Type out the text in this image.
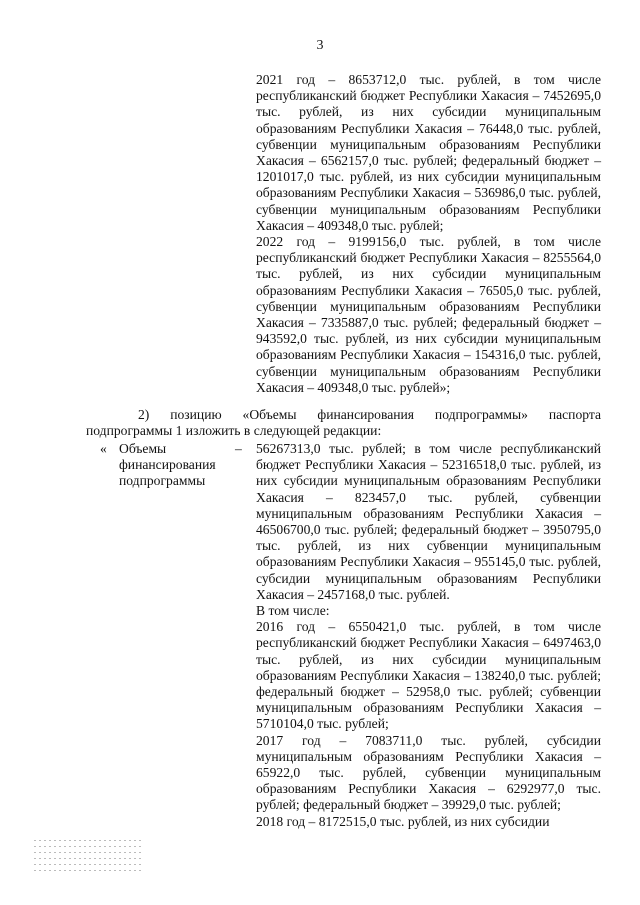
3

2021 год – 8653712,0 тыс. рублей, в том числе республиканский бюджет Республики Хакасия – 7452695,0 тыс. рублей, из них субсидии муниципальным образованиям Республики Хакасия – 76448,0 тыс. рублей, субвенции муниципальным образованиям Республики Хакасия – 6562157,0 тыс. рублей; федеральный бюджет – 1201017,0 тыс. рублей, из них субсидии муниципальным образованиям Республики Хакасия – 536986,0 тыс. рублей, субвенции муниципальным образованиям Республики Хакасия – 409348,0 тыс. рублей;

2022 год – 9199156,0 тыс. рублей, в том числе республиканский бюджет Республики Хакасия – 8255564,0 тыс. рублей, из них субсидии муниципальным образованиям Республики Хакасия – 76505,0 тыс. рублей, субвенции муниципальным образованиям Республики Хакасия – 7335887,0 тыс. рублей; федеральный бюджет – 943592,0 тыс. рублей, из них субсидии муниципальным образованиям Республики Хакасия – 154316,0 тыс. рублей, субвенции муниципальным образованиям Республики Хакасия – 409348,0 тыс. рублей»;

2) позицию «Объемы финансирования подпрограммы» паспорта подпрограммы 1 изложить в следующей редакции:

« Объемы финансирования подпрограммы
– 56267313,0 тыс. рублей; в том числе республиканский бюджет Республики Хакасия – 52316518,0 тыс. рублей, из них субсидии муниципальным образованиям Республики Хакасия – 823457,0 тыс. рублей, субвенции муниципальным образованиям Республики Хакасия – 46506700,0 тыс. рублей; федеральный бюджет – 3950795,0 тыс. рублей, из них субвенции муниципальным образованиям Республики Хакасия – 955145,0 тыс. рублей, субсидии муниципальным образованиям Республики Хакасия – 2457168,0 тыс. рублей.

В том числе:

2016 год – 6550421,0 тыс. рублей, в том числе республиканский бюджет Республики Хакасия – 6497463,0 тыс. рублей, из них субсидии муниципальным образованиям Республики Хакасия – 138240,0 тыс. рублей; федеральный бюджет – 52958,0 тыс. рублей; субвенции муниципальным образованиям Республики Хакасия – 5710104,0 тыс. рублей;

2017 год – 7083711,0 тыс. рублей, субсидии муниципальным образованиям Республики Хакасия – 65922,0 тыс. рублей, субвенции муниципальным образованиям Республики Хакасия – 6292977,0 тыс. рублей; федеральный бюджет – 39929,0 тыс. рублей;

2018 год – 8172515,0 тыс. рублей, из них субсидии
